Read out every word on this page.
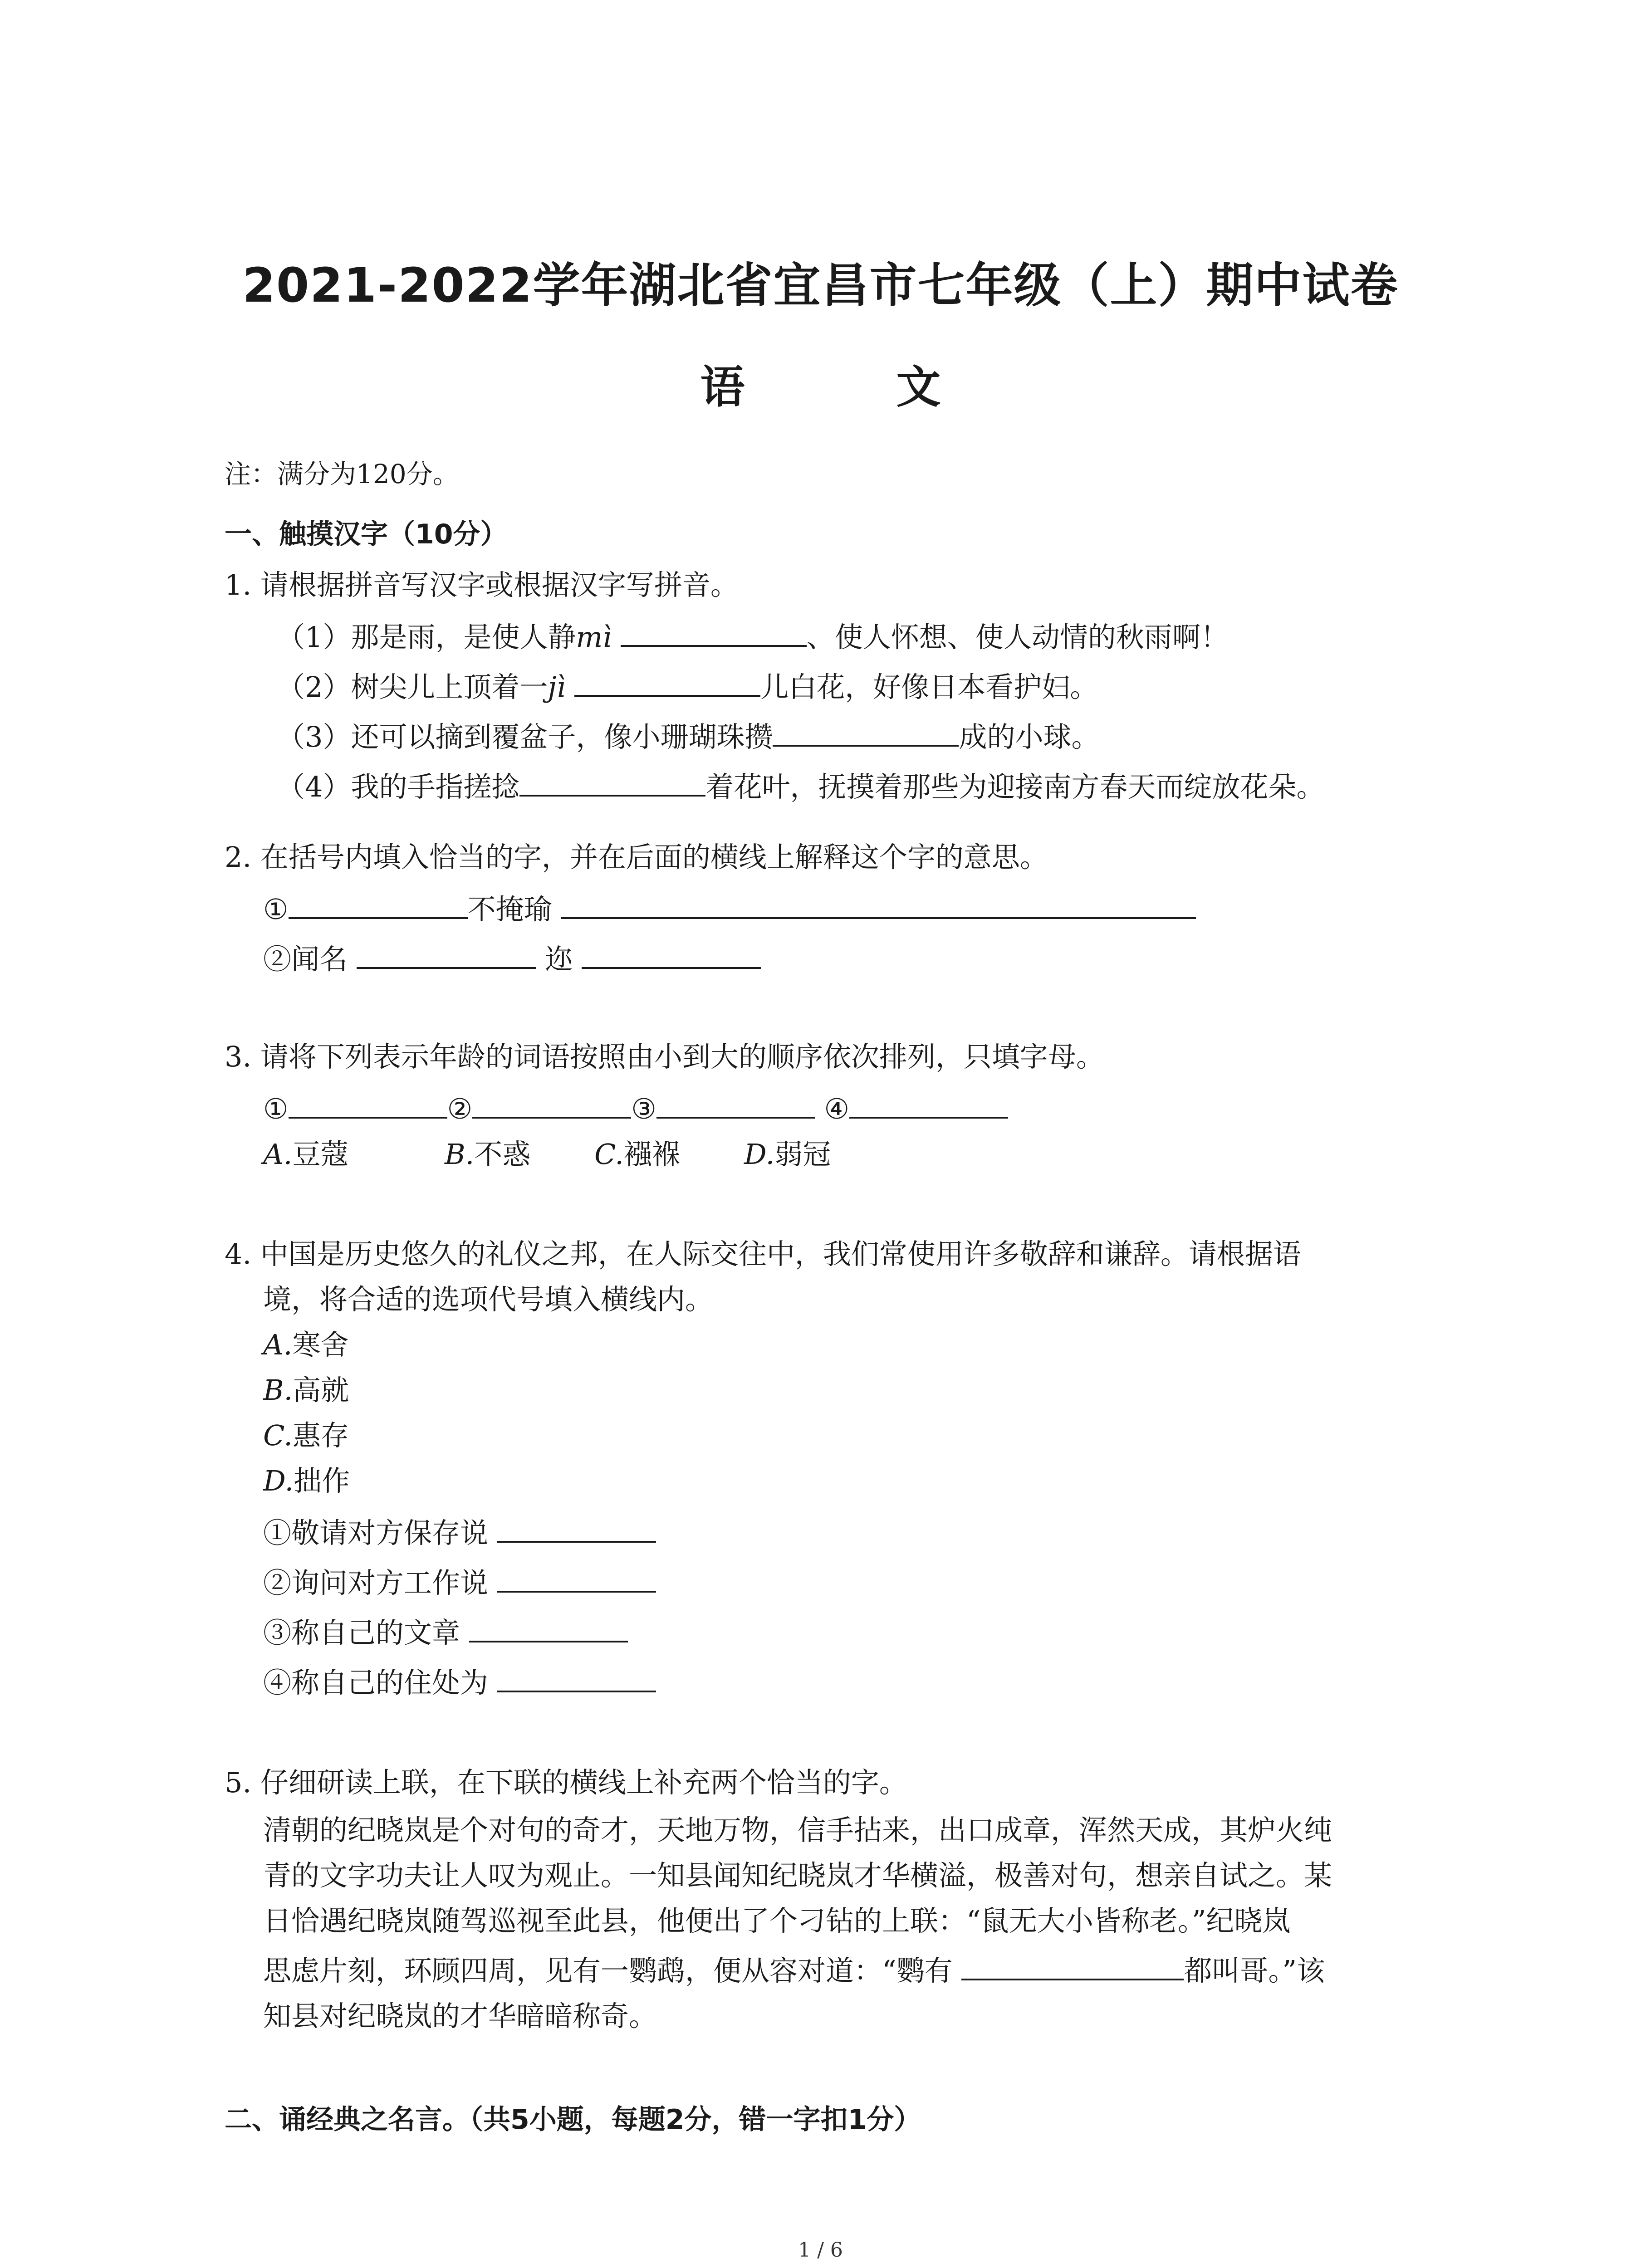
2021-2022学年湖北省宜昌市七年级（上）期中试卷
语 文
注：满分为120分。
一、触摸汉字（10分）
1. 请根据拼音写汉字或根据汉字写拼音。
（1）那是雨，是使人静mì	、使人怀想、使人动情的秋雨啊！
（2）树尖儿上顶着一jì	儿白花，好像日本看护妇。
（3）还可以摘到覆盆子，像小珊瑚珠攒	成的小球。
（4）我的手指搓捻	着花叶，抚摸着那些为迎接南方春天而绽放花朵。
2. 在括号内填入恰当的字，并在后面的横线上解释这个字的意思。
①	不掩瑜
②闻名	迩
3. 请将下列表示年龄的词语按照由小到大的顺序依次排列，只填字母。
①	②	③	④
A.豆蔻	B.不惑 C.襁褓 D.弱冠
4. 中国是历史悠久的礼仪之邦，在人际交往中，我们常使用许多敬辞和谦辞。请根据语
境，将合适的选项代号填入横线内。
A.寒舍
B.高就
C.惠存
D.拙作
①敬请对方保存说
②询问对方工作说
③称自己的文章
④称自己的住处为
5. 仔细研读上联，在下联的横线上补充两个恰当的字。
清朝的纪晓岚是个对句的奇才，天地万物，信手拈来，出口成章，浑然天成，其炉火纯
青的文字功夫让人叹为观止。一知县闻知纪晓岚才华横溢，极善对句，想亲自试之。某
日恰遇纪晓岚随驾巡视至此县，他便出了个刁钻的上联：“鼠无大小皆称老。”纪晓岚
思虑片刻，环顾四周，见有一鹦鹉，便从容对道：“鹦有	都叫哥。”该
知县对纪晓岚的才华暗暗称奇。
二、诵经典之名言。（共5小题，每题2分，错一字扣1分）
1 / 6
